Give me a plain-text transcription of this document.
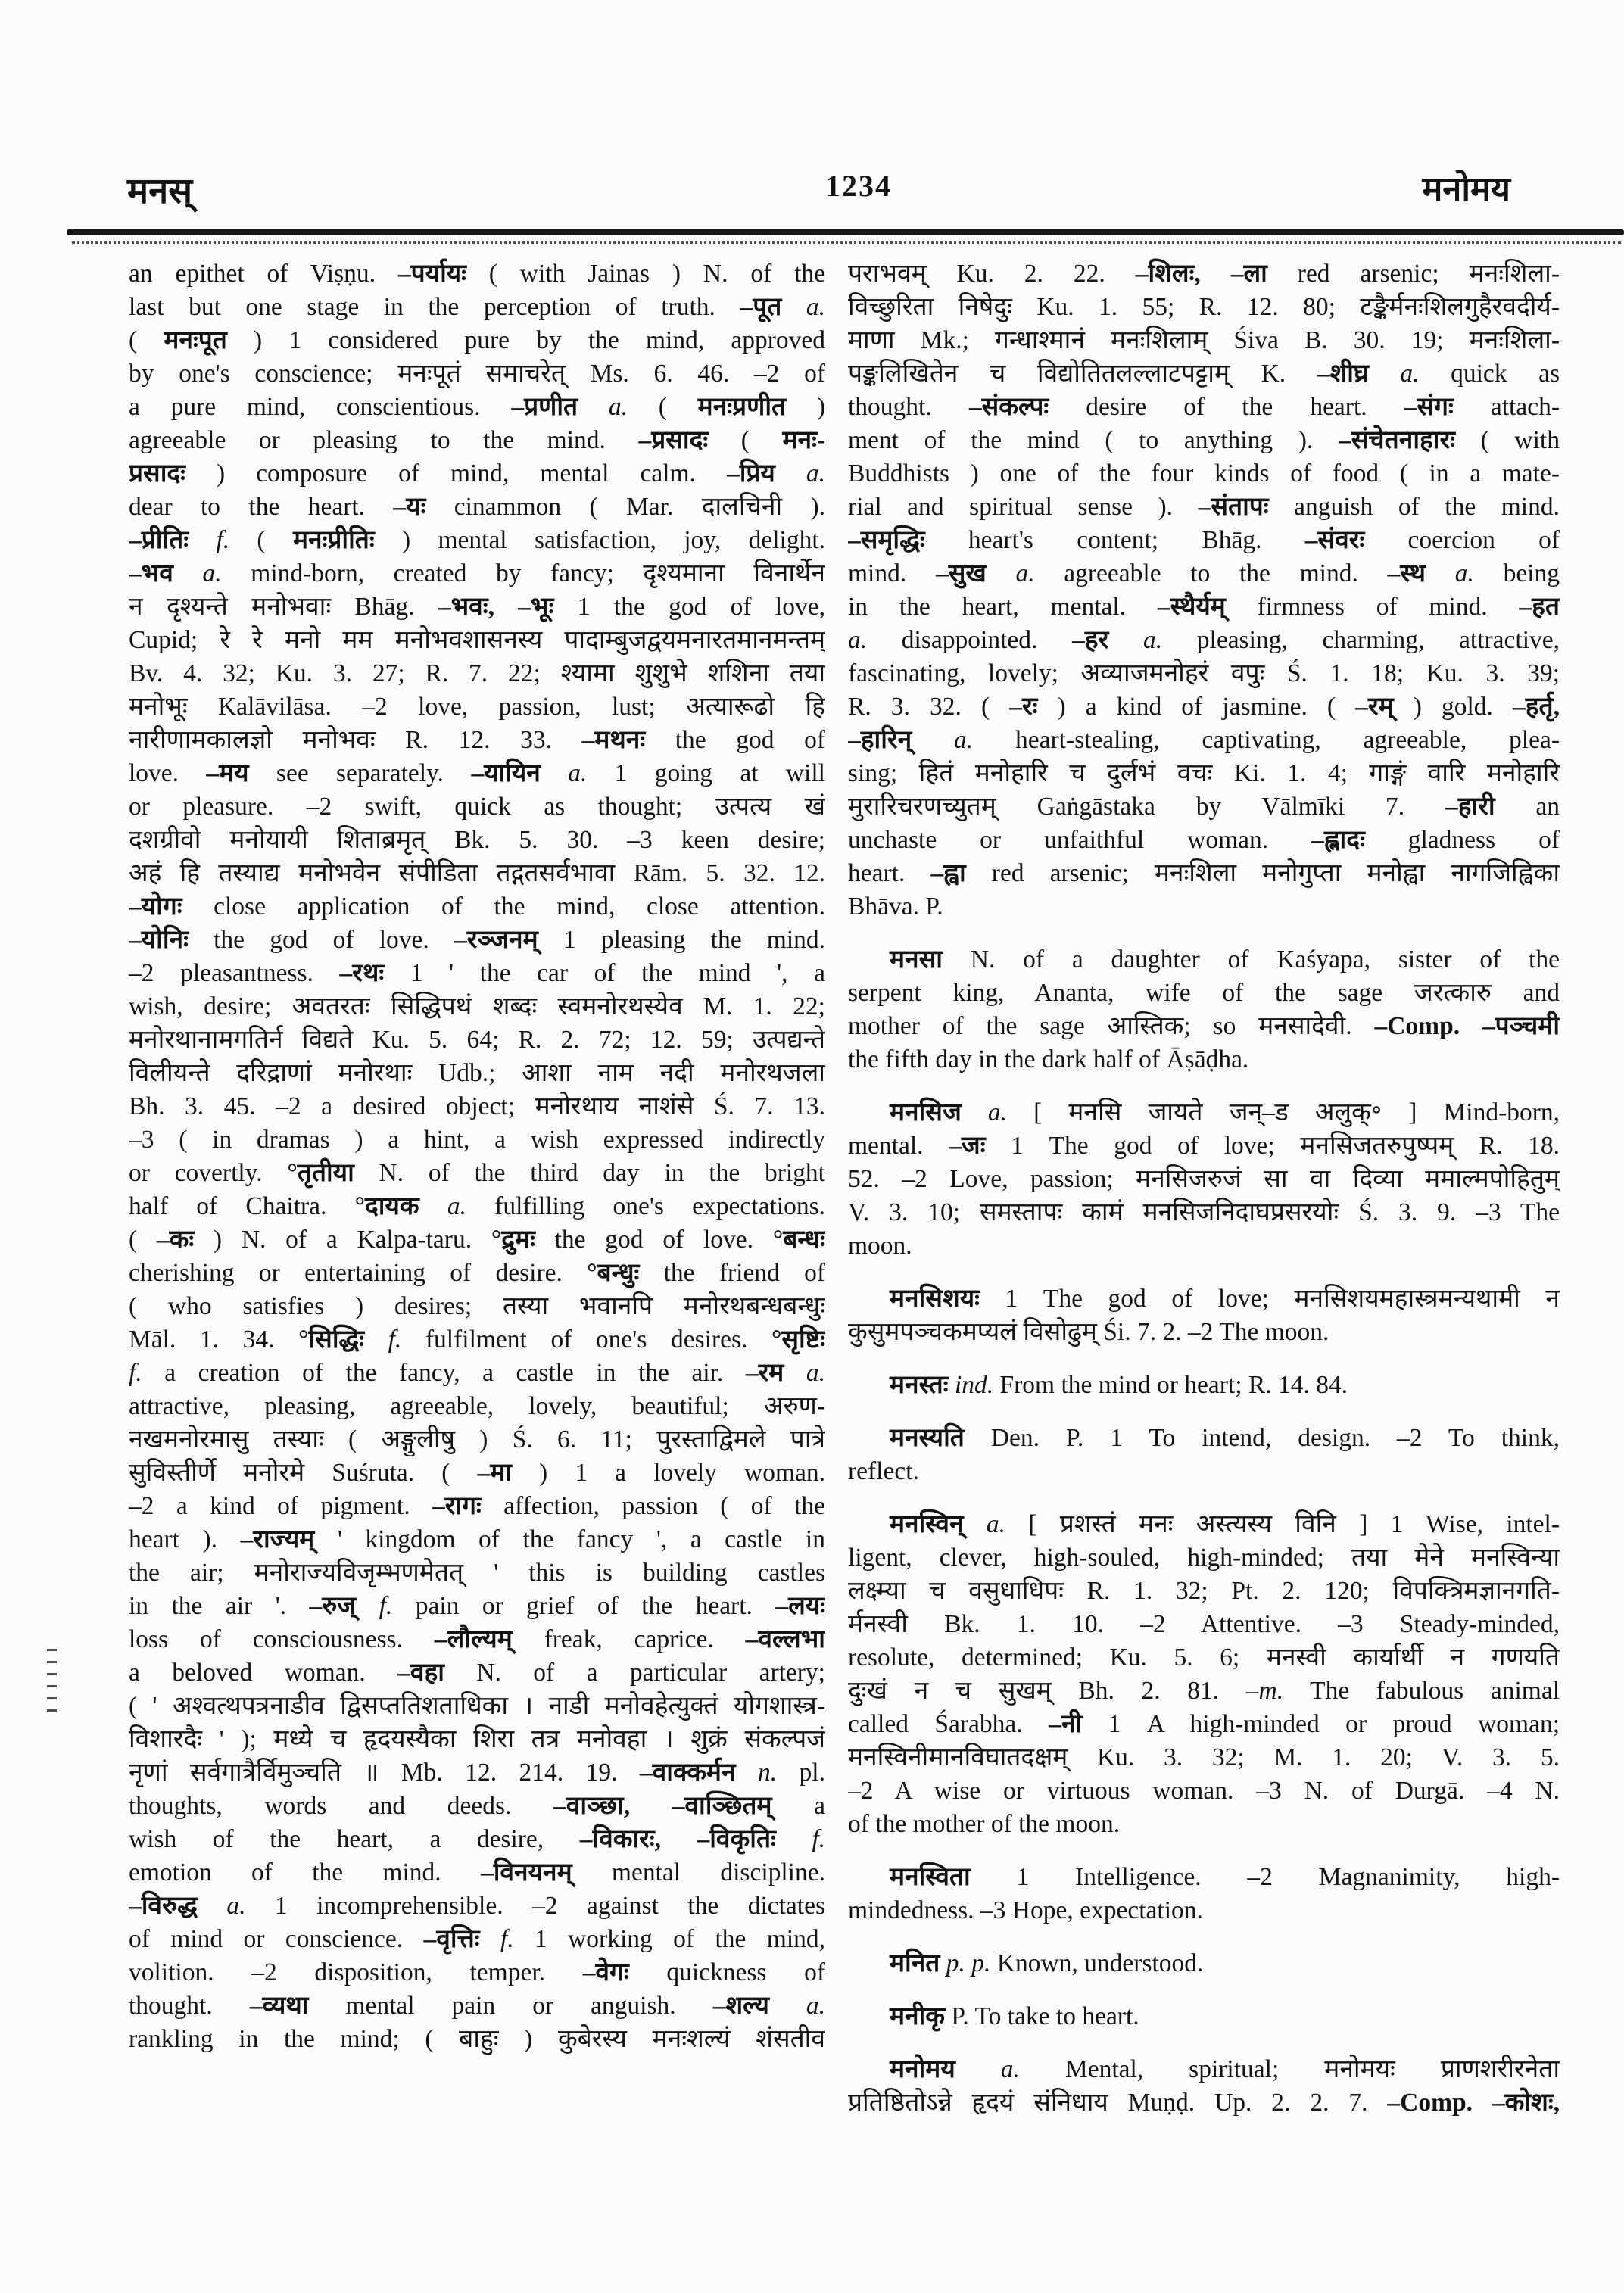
मनस्	1234	मनोमय
an epithet of Viṣṇu. –पर्यायः ( with Jainas ) N. of the
last but one stage in the perception of truth. –पूत a.
( मनःपूत ) 1 considered pure by the mind, approved
by one's conscience; मनःपूतं समाचरेत् Ms. 6. 46. –2 of
a pure mind, conscientious. –प्रणीत a. ( मनःप्रणीत )
agreeable or pleasing to the mind. –प्रसादः ( मनः-
प्रसादः ) composure of mind, mental calm. –प्रिय a.
dear to the heart. –यः cinammon ( Mar. दालचिनी ).
–प्रीतिः f. ( मनःप्रीतिः ) mental satisfaction, joy, delight.
–भव a. mind-born, created by fancy; दृश्यमाना विनार्थेन
न दृश्यन्ते मनोभवाः Bhāg. –भवः, –भूः 1 the god of love,
Cupid; रे रे मनो मम मनोभवशासनस्य पादाम्बुजद्वयमनारतमानमन्तम्
Bv. 4. 32; Ku. 3. 27; R. 7. 22; श्यामा शुशुभे शशिना तया
मनोभूः Kalāvilāsa. –2 love, passion, lust; अत्यारूढो हि
नारीणामकालज्ञो मनोभवः R. 12. 33. –मथनः the god of
love. –मय see separately. –यायिन a. 1 going at will
or pleasure. –2 swift, quick as thought; उत्पत्य खं
दशग्रीवो मनोयायी शिताब्रमृत् Bk. 5. 30. –3 keen desire;
अहं हि तस्याद्य मनोभवेन संपीडिता तद्गतसर्वभावा Rām. 5. 32. 12.
–योगः close application of the mind, close attention.
–योनिः the god of love. –रञ्जनम् 1 pleasing the mind.
–2 pleasantness. –रथः 1 ' the car of the mind ', a
wish, desire; अवतरतः सिद्धिपथं शब्दः स्वमनोरथस्येव M. 1. 22;
मनोरथानामगतिर्न विद्यते Ku. 5. 64; R. 2. 72; 12. 59; उत्पद्यन्ते
विलीयन्ते दरिद्राणां मनोरथाः Udb.; आशा नाम नदी मनोरथजला
Bh. 3. 45. –2 a desired object; मनोरथाय नाशंसे Ś. 7. 13.
–3 ( in dramas ) a hint, a wish expressed indirectly
or covertly. °तृतीया N. of the third day in the bright
half of Chaitra. °दायक a. fulfilling one's expectations.
( –कः ) N. of a Kalpa-taru. °द्रुमः the god of love. °बन्धः
cherishing or entertaining of desire. °बन्धुः the friend of
( who satisfies ) desires; तस्या भवानपि मनोरथबन्धबन्धुः
Māl. 1. 34. °सिद्धिः f. fulfilment of one's desires. °सृष्टिः
f. a creation of the fancy, a castle in the air. –रम a.
attractive, pleasing, agreeable, lovely, beautiful; अरुण-
नखमनोरमासु तस्याः ( अङ्गुलीषु ) Ś. 6. 11; पुरस्ताद्विमले पात्रे
सुविस्तीर्णे मनोरमे Suśruta. ( –मा ) 1 a lovely woman.
–2 a kind of pigment. –रागः affection, passion ( of the
heart ). –राज्यम् ' kingdom of the fancy ', a castle in
the air; मनोराज्यविजृम्भणमेतत् ' this is building castles
in the air '. –रुज् f. pain or grief of the heart. –लयः
loss of consciousness. –लौल्यम् freak, caprice. –वल्लभा
a beloved woman. –वहा N. of a particular artery;
( ' अश्वत्थपत्रनाडीव द्विसप्ततिशताधिका । नाडी मनोवहेत्युक्तं योगशास्त्र-
विशारदैः ' ); मध्ये च हृदयस्यैका शिरा तत्र मनोवहा । शुक्रं संकल्पजं
नृणां सर्वगात्रैर्विमुञ्चति ॥ Mb. 12. 214. 19. –वाक्कर्मन n. pl.
thoughts, words and deeds. –वाञ्छा, –वाञ्छितम् a
wish of the heart, a desire, –विकारः, –विकृतिः f.
emotion of the mind. –विनयनम् mental discipline.
–विरुद्ध a. 1 incomprehensible. –2 against the dictates
of mind or conscience. –वृत्तिः f. 1 working of the mind,
volition. –2 disposition, temper. –वेगः quickness of
thought. –व्यथा mental pain or anguish. –शल्य a.
rankling in the mind; ( बाहुः ) कुबेरस्य मनःशल्यं शंसतीव
पराभवम् Ku. 2. 22. –शिलः, –ला red arsenic; मनःशिला-
विच्छुरिता निषेदुः Ku. 1. 55; R. 12. 80; टङ्कैर्मनःशिलगुहैरवदीर्य-
माणा Mk.; गन्धाश्मानं मनःशिलाम् Śiva B. 30. 19; मनःशिला-
पङ्कलिखितेन च विद्योतितलल्लाटपट्टाम् K. –शीघ्र a. quick as
thought. –संकल्पः desire of the heart. –संगः attach-
ment of the mind ( to anything ). –संचेतनाहारः ( with
Buddhists ) one of the four kinds of food ( in a mate-
rial and spiritual sense ). –संतापः anguish of the mind.
–समृद्धिः heart's content; Bhāg. –संवरः coercion of
mind. –सुख a. agreeable to the mind. –स्थ a. being
in the heart, mental. –स्थैर्यम् firmness of mind. –हत
a. disappointed. –हर a. pleasing, charming, attractive,
fascinating, lovely; अव्याजमनोहरं वपुः Ś. 1. 18; Ku. 3. 39;
R. 3. 32. ( –रः ) a kind of jasmine. ( –रम् ) gold. –हर्तृ,
–हारिन् a. heart-stealing, captivating, agreeable, plea-
sing; हितं मनोहारि च दुर्लभं वचः Ki. 1. 4; गाङ्गं वारि मनोहारि
मुरारिचरणच्युतम् Gaṅgāstaka by Vālmīki 7. –हारी an
unchaste or unfaithful woman. –ह्लादः gladness of
heart. –ह्वा red arsenic; मनःशिला मनोगुप्ता मनोह्वा नागजिह्विका
Bhāva. P.
मनसा N. of a daughter of Kaśyapa, sister of the
serpent king, Ananta, wife of the sage जरत्कारु and
mother of the sage आस्तिक; so मनसादेवी. –Comp. –पञ्चमी
the fifth day in the dark half of Āṣāḍha.
मनसिज a. [ मनसि जायते जन्–ड अलुक्॰ ] Mind-born,
mental. –जः 1 The god of love; मनसिजतरुपुष्पम् R. 18.
52. –2 Love, passion; मनसिजरुजं सा वा दिव्या ममाल्मपोहितुम्
V. 3. 10; समस्तापः कामं मनसिजनिदाघप्रसरयोः Ś. 3. 9. –3 The
moon.
मनसिशयः 1 The god of love; मनसिशयमहास्त्रमन्यथामी न
कुसुमपञ्चकमप्यलं विसोढुम् Śi. 7. 2. –2 The moon.
मनस्तः ind. From the mind or heart; R. 14. 84.
मनस्यति Den. P. 1 To intend, design. –2 To think,
reflect.
मनस्विन् a. [ प्रशस्तं मनः अस्त्यस्य विनि ] 1 Wise, intel-
ligent, clever, high-souled, high-minded; तया मेने मनस्विन्या
लक्ष्म्या च वसुधाधिपः R. 1. 32; Pt. 2. 120; विपक्त्रिमज्ञानगति-
र्मनस्वी Bk. 1. 10. –2 Attentive. –3 Steady-minded,
resolute, determined; Ku. 5. 6; मनस्वी कार्यार्थी न गणयति
दुःखं न च सुखम् Bh. 2. 81. –m. The fabulous animal
called Śarabha. –नी 1 A high-minded or proud woman;
मनस्विनीमानविघातदक्षम् Ku. 3. 32; M. 1. 20; V. 3. 5.
–2 A wise or virtuous woman. –3 N. of Durgā. –4 N.
of the mother of the moon.
मनस्विता 1 Intelligence. –2 Magnanimity, high-
mindedness. –3 Hope, expectation.
मनित p. p. Known, understood.
मनीकृ P. To take to heart.
मनोमय a. Mental, spiritual; मनोमयः प्राणशरीरनेता
प्रतिष्ठितोऽन्ने हृदयं संनिधाय Muṇḍ. Up. 2. 2. 7. –Comp. –कोशः,
